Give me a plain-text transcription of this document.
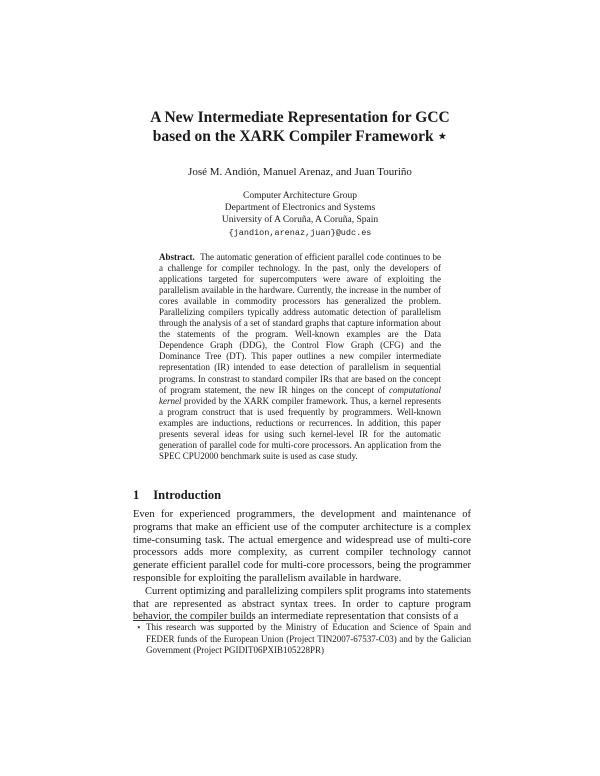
A New Intermediate Representation for GCC
based on the XARK Compiler Framework ⋆
José M. Andión, Manuel Arenaz, and Juan Touriño
Computer Architecture Group
Department of Electronics and Systems
University of A Coruña, A Coruña, Spain
{jandion,arenaz,juan}@udc.es
Abstract. The automatic generation of efficient parallel code continues to be a challenge for compiler technology. In the past, only the developers of applications targeted for supercomputers were aware of exploiting the parallelism available in the hardware. Currently, the increase in the number of cores available in commodity processors has generalized the problem. Parallelizing compilers typically address automatic detection of parallelism through the analysis of a set of standard graphs that capture information about the statements of the program. Well-known examples are the Data Dependence Graph (DDG), the Control Flow Graph (CFG) and the Dominance Tree (DT). This paper outlines a new compiler intermediate representation (IR) intended to ease detection of parallelism in sequential programs. In constrast to standard compiler IRs that are based on the concept of program statement, the new IR hinges on the concept of computational kernel provided by the XARK compiler framework. Thus, a kernel represents a program construct that is used frequently by programmers. Well-known examples are inductions, reductions or recurrences. In addition, this paper presents several ideas for using such kernel-level IR for the automatic generation of parallel code for multi-core processors. An application from the SPEC CPU2000 benchmark suite is used as case study.
1 Introduction

Even for experienced programmers, the development and maintenance of programs that make an efficient use of the computer architecture is a complex time-consuming task. The actual emergence and widespread use of multi-core processors adds more complexity, as current compiler technology cannot generate efficient parallel code for multi-core processors, being the programmer responsible for exploiting the parallelism available in hardware.

Current optimizing and parallelizing compilers split programs into statements that are represented as abstract syntax trees. In order to capture program behavior, the compiler builds an intermediate representation that consists of a

⋆ This research was supported by the Ministry of Education and Science of Spain and FEDER funds of the European Union (Project TIN2007-67537-C03) and by the Galician Government (Project PGIDIT06PXIB105228PR)
